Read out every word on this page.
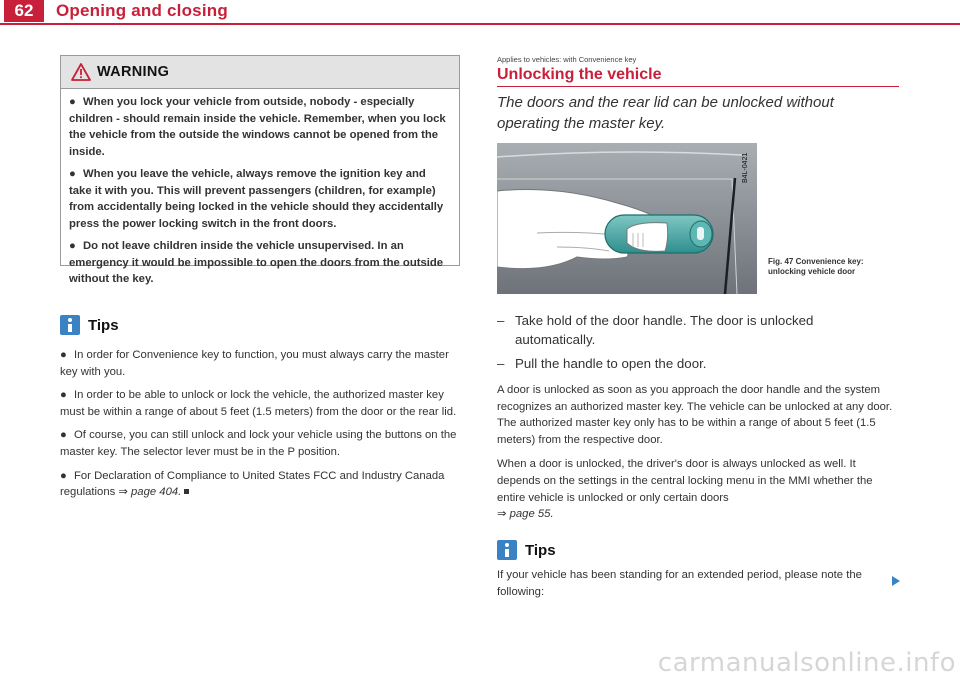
62	Opening and closing
WARNING

● When you lock your vehicle from outside, nobody - especially children - should remain inside the vehicle. Remember, when you lock the vehicle from the outside the windows cannot be opened from the inside.

● When you leave the vehicle, always remove the ignition key and take it with you. This will prevent passengers (children, for example) from accidentally being locked in the vehicle should they accidentally press the power locking switch in the front doors.

● Do not leave children inside the vehicle unsupervised. In an emergency it would be impossible to open the doors from the outside without the key.

Tips

● In order for Convenience key to function, you must always carry the master key with you.

● In order to be able to unlock or lock the vehicle, the authorized master key must be within a range of about 5 feet (1.5 meters) from the door or the rear lid.

● Of course, you can still unlock and lock your vehicle using the buttons on the master key. The selector lever must be in the P position.

● For Declaration of Compliance to United States FCC and Industry Canada regulations ⇒ page 404.

Applies to vehicles: with Convenience key
Unlocking the vehicle

The doors and the rear lid can be unlocked without operating the master key.

B4L-0421
Fig. 47 Convenience key: unlocking vehicle door
– Take hold of the door handle. The door is unlocked automatically.
– Pull the handle to open the door.

A door is unlocked as soon as you approach the door handle and the system recognizes an authorized master key. The vehicle can be unlocked at any door. The authorized master key only has to be within a range of about 5 feet (1.5 meters) from the respective door.

When a door is unlocked, the driver's door is always unlocked as well. It depends on the settings in the central locking menu in the MMI whether the entire vehicle is unlocked or only certain doors
⇒ page 55.

Tips

If your vehicle has been standing for an extended period, please note the following:

carmanualsonline.info
